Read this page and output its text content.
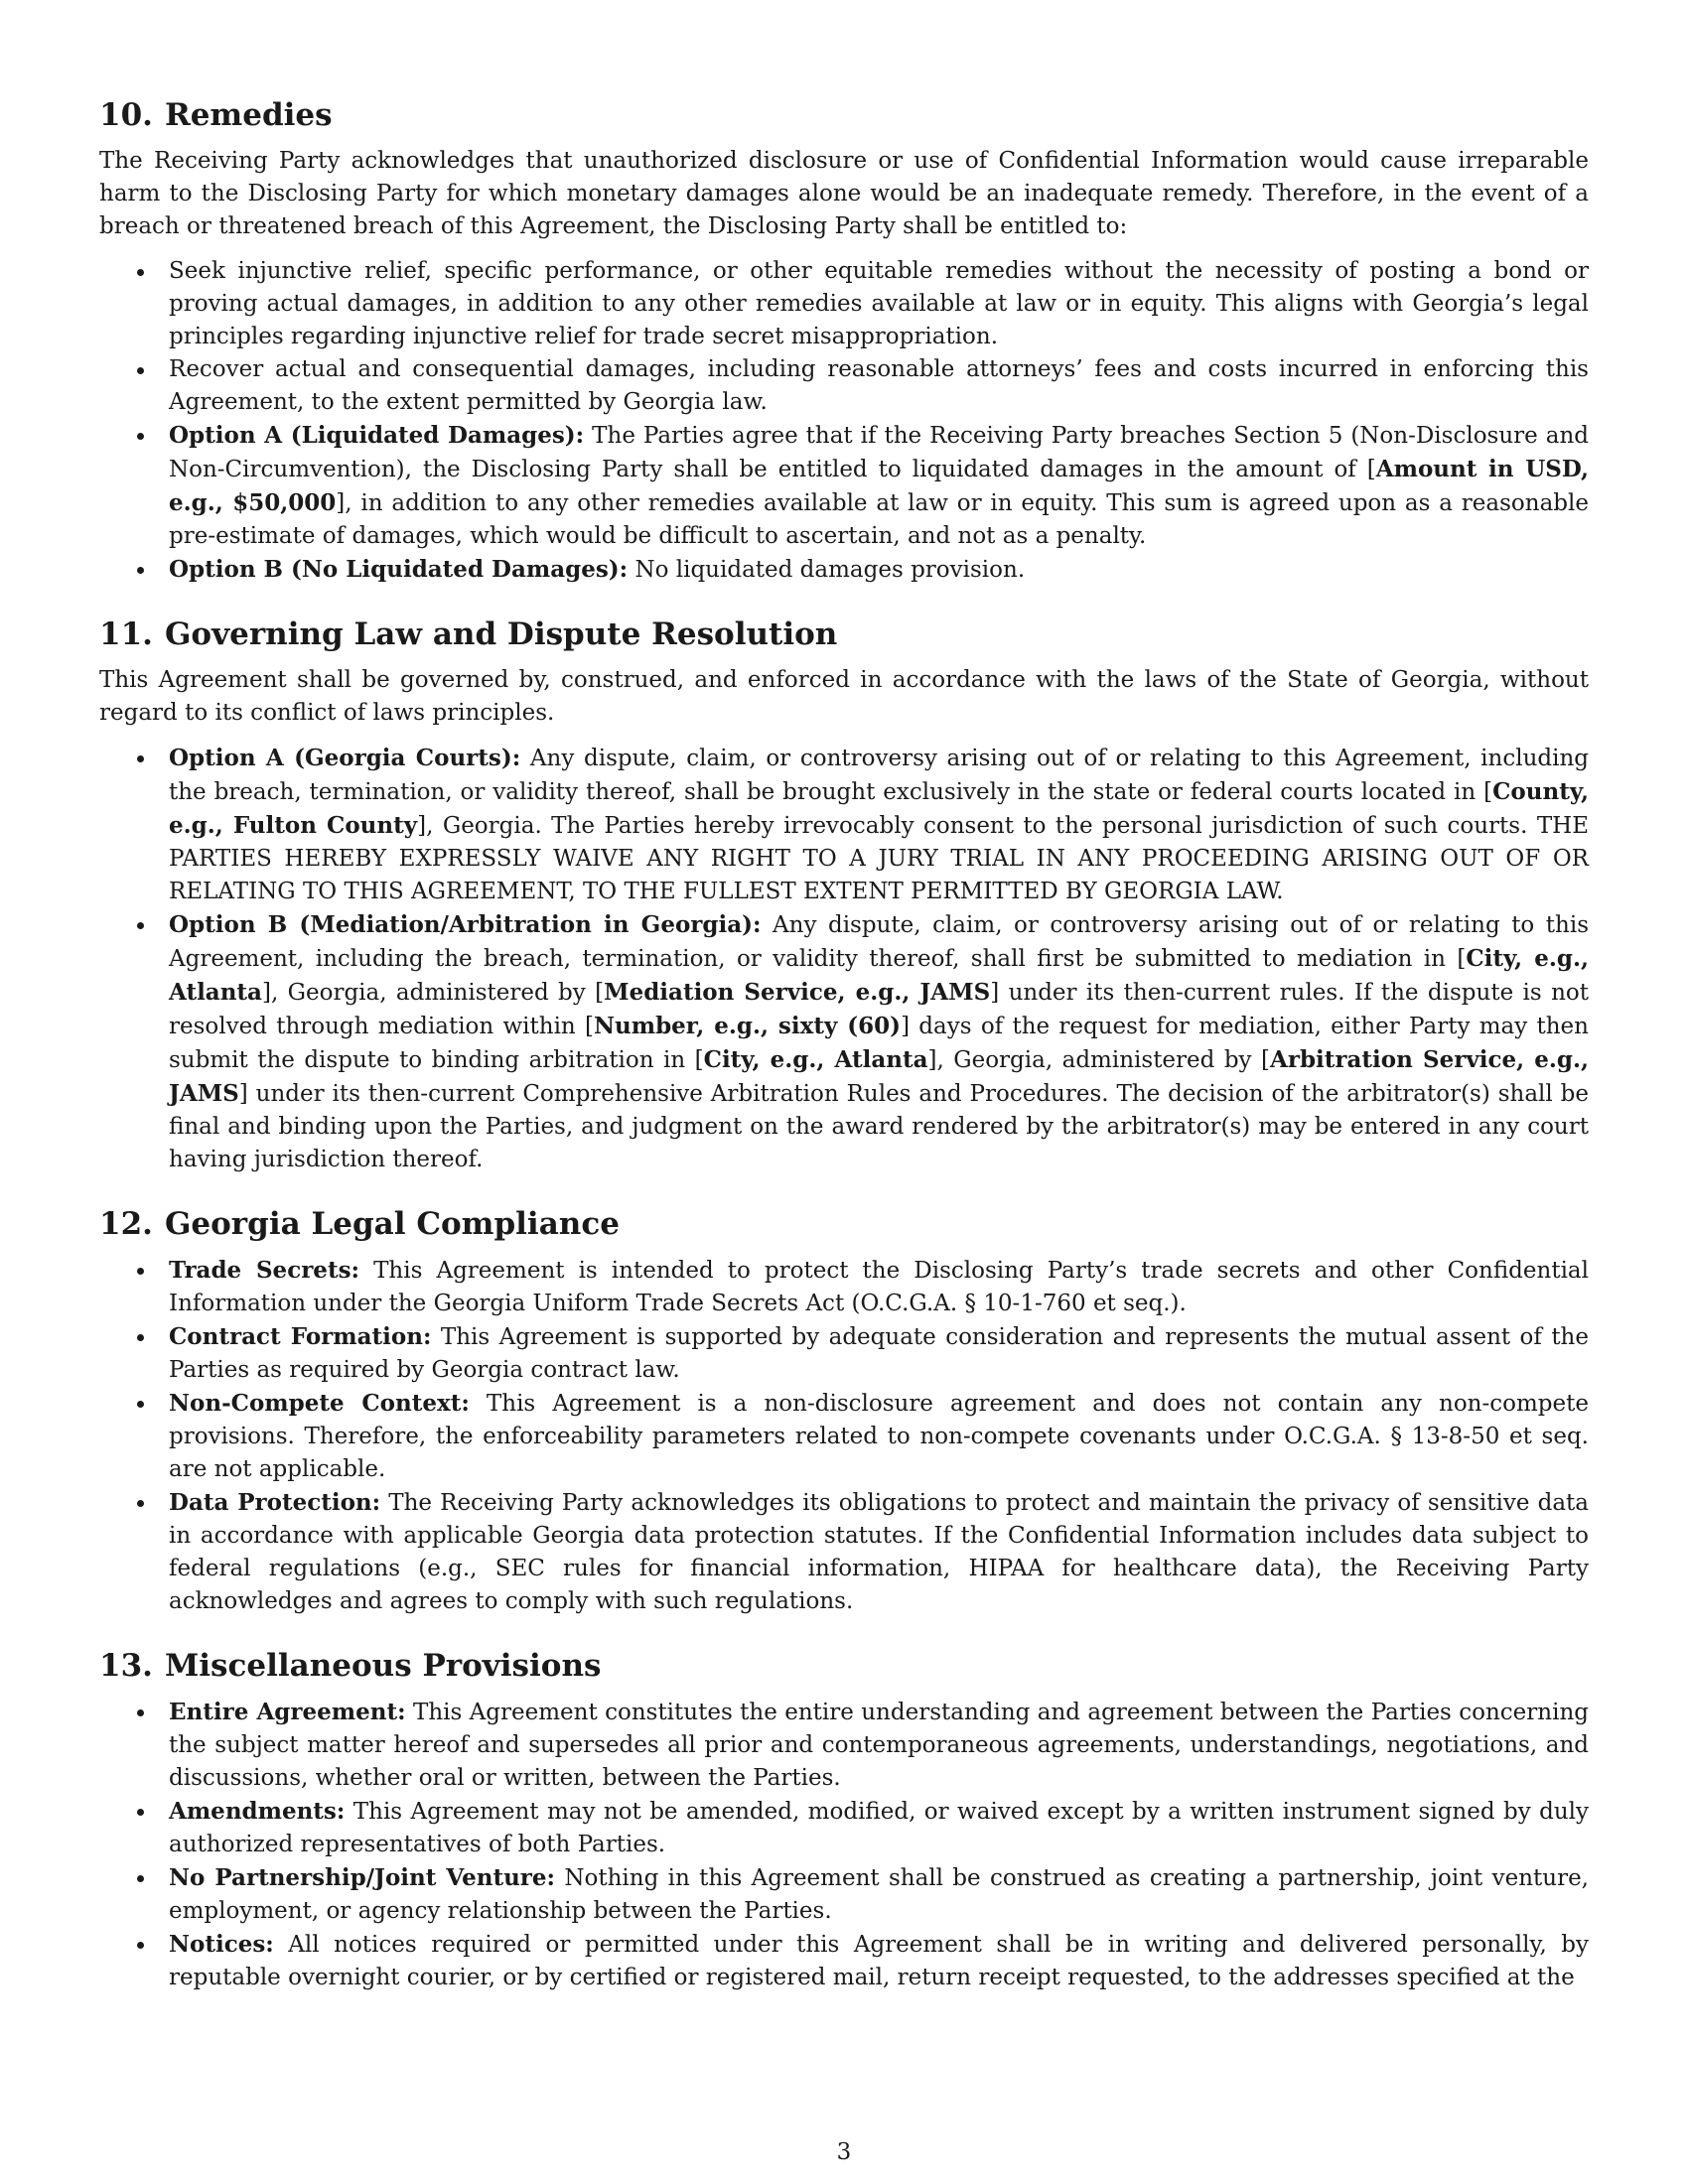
10. Remedies

The Receiving Party acknowledges that unauthorized disclosure or use of Confidential Information would cause irreparable harm to the Disclosing Party for which monetary damages alone would be an inadequate remedy. Therefore, in the event of a breach or threatened breach of this Agreement, the Disclosing Party shall be entitled to:

Seek injunctive relief, specific performance, or other equitable remedies without the necessity of posting a bond or proving actual damages, in addition to any other remedies available at law or in equity. This aligns with Georgia’s legal principles regarding injunctive relief for trade secret misappropriation.
Recover actual and consequential damages, including reasonable attorneys’ fees and costs incurred in enforcing this Agreement, to the extent permitted by Georgia law.
Option A (Liquidated Damages): The Parties agree that if the Receiving Party breaches Section 5 (Non-Disclosure and Non-Circumvention), the Disclosing Party shall be entitled to liquidated damages in the amount of [Amount in USD, e.g., $50,000], in addition to any other remedies available at law or in equity. This sum is agreed upon as a reasonable pre-estimate of damages, which would be difficult to ascertain, and not as a penalty.
Option B (No Liquidated Damages): No liquidated damages provision.
11. Governing Law and Dispute Resolution

This Agreement shall be governed by, construed, and enforced in accordance with the laws of the State of Georgia, without regard to its conflict of laws principles.

Option A (Georgia Courts): Any dispute, claim, or controversy arising out of or relating to this Agreement, including the breach, termination, or validity thereof, shall be brought exclusively in the state or federal courts located in [County, e.g., Fulton County], Georgia. The Parties hereby irrevocably consent to the personal jurisdiction of such courts. THE PARTIES HEREBY EXPRESSLY WAIVE ANY RIGHT TO A JURY TRIAL IN ANY PROCEEDING ARISING OUT OF OR RELATING TO THIS AGREEMENT, TO THE FULLEST EXTENT PERMITTED BY GEORGIA LAW.
Option B (Mediation/Arbitration in Georgia): Any dispute, claim, or controversy arising out of or relating to this Agreement, including the breach, termination, or validity thereof, shall first be submitted to mediation in [City, e.g., Atlanta], Georgia, administered by [Mediation Service, e.g., JAMS] under its then-current rules. If the dispute is not resolved through mediation within [Number, e.g., sixty (60)] days of the request for mediation, either Party may then submit the dispute to binding arbitration in [City, e.g., Atlanta], Georgia, administered by [Arbitration Service, e.g., JAMS] under its then-current Comprehensive Arbitration Rules and Procedures. The decision of the arbitrator(s) shall be final and binding upon the Parties, and judgment on the award rendered by the arbitrator(s) may be entered in any court having jurisdiction thereof.
12. Georgia Legal Compliance
Trade Secrets: This Agreement is intended to protect the Disclosing Party’s trade secrets and other Confidential Information under the Georgia Uniform Trade Secrets Act (O.C.G.A. § 10-1-760 et seq.).
Contract Formation: This Agreement is supported by adequate consideration and represents the mutual assent of the Parties as required by Georgia contract law.
Non-Compete Context: This Agreement is a non-disclosure agreement and does not contain any non-compete provisions. Therefore, the enforceability parameters related to non-compete covenants under O.C.G.A. § 13-8-50 et seq. are not applicable.
Data Protection: The Receiving Party acknowledges its obligations to protect and maintain the privacy of sensitive data in accordance with applicable Georgia data protection statutes. If the Confidential Information includes data subject to federal regulations (e.g., SEC rules for financial information, HIPAA for healthcare data), the Receiving Party acknowledges and agrees to comply with such regulations.
13. Miscellaneous Provisions
Entire Agreement: This Agreement constitutes the entire understanding and agreement between the Parties concerning the subject matter hereof and supersedes all prior and contemporaneous agreements, understandings, negotiations, and discussions, whether oral or written, between the Parties.
Amendments: This Agreement may not be amended, modified, or waived except by a written instrument signed by duly authorized representatives of both Parties.
No Partnership/Joint Venture: Nothing in this Agreement shall be construed as creating a partnership, joint venture, employment, or agency relationship between the Parties.
Notices: All notices required or permitted under this Agreement shall be in writing and delivered personally, by reputable overnight courier, or by certified or registered mail, return receipt requested, to the addresses specified at the
3
